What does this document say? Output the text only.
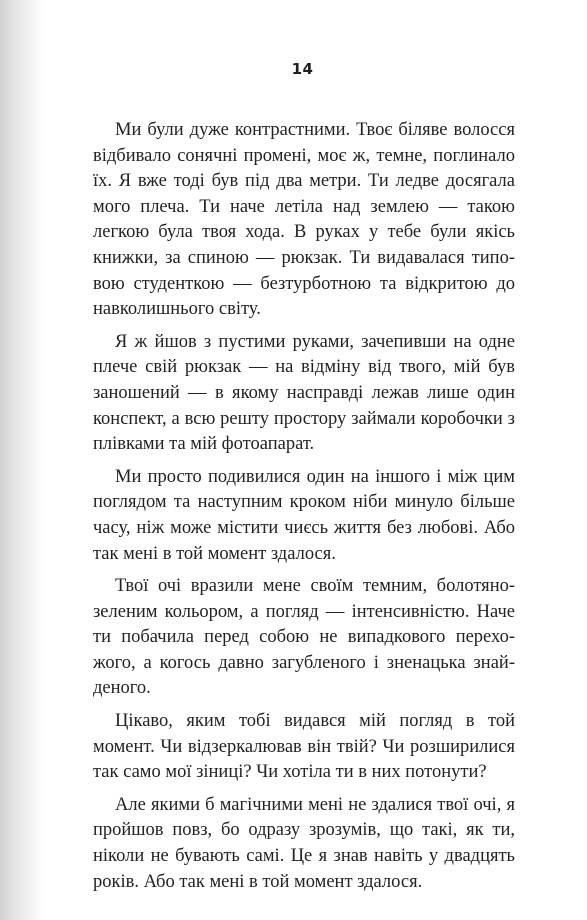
14

Ми були дуже контрастними. Твоє біляве волосся відбивало сонячні промені, моє ж, темне, поглинало їх. Я вже тоді був під два метри. Ти ледве досягала мого плеча. Ти наче летіла над землею — такою легкою була твоя хода. В руках у тебе були якісь книжки, за спиною — рюкзак. Ти видавалася типовою студенткою — безтурботною та відкритою до навколишнього світу.

Я ж йшов з пустими руками, зачепивши на одне плече свій рюкзак — на відміну від твого, мій був заношений — в якому насправді лежав лише один конспект, а всю решту простору займали коробочки з плівками та мій фотоапарат.

Ми просто подивилися один на іншого і між цим поглядом та наступним кроком ніби минуло більше часу, ніж може містити чиєсь життя без любові. Або так мені в той момент здалося.

Твої очі вразили мене своїм темним, болотяно-зеленим кольором, а погляд — інтенсивністю. Наче ти побачила перед собою не випадкового перехожого, а когось давно загубленого і зненацька знайденого.

Цікаво, яким тобі видався мій погляд в той момент. Чи відзеркалював він твій? Чи розширилися так само мої зіниці? Чи хотіла ти в них потонути?

Але якими б магічними мені не здалися твої очі, я пройшов повз, бо одразу зрозумів, що такі, як ти, ніколи не бувають самі. Це я знав навіть у двадцять років. Або так мені в той момент здалося.
